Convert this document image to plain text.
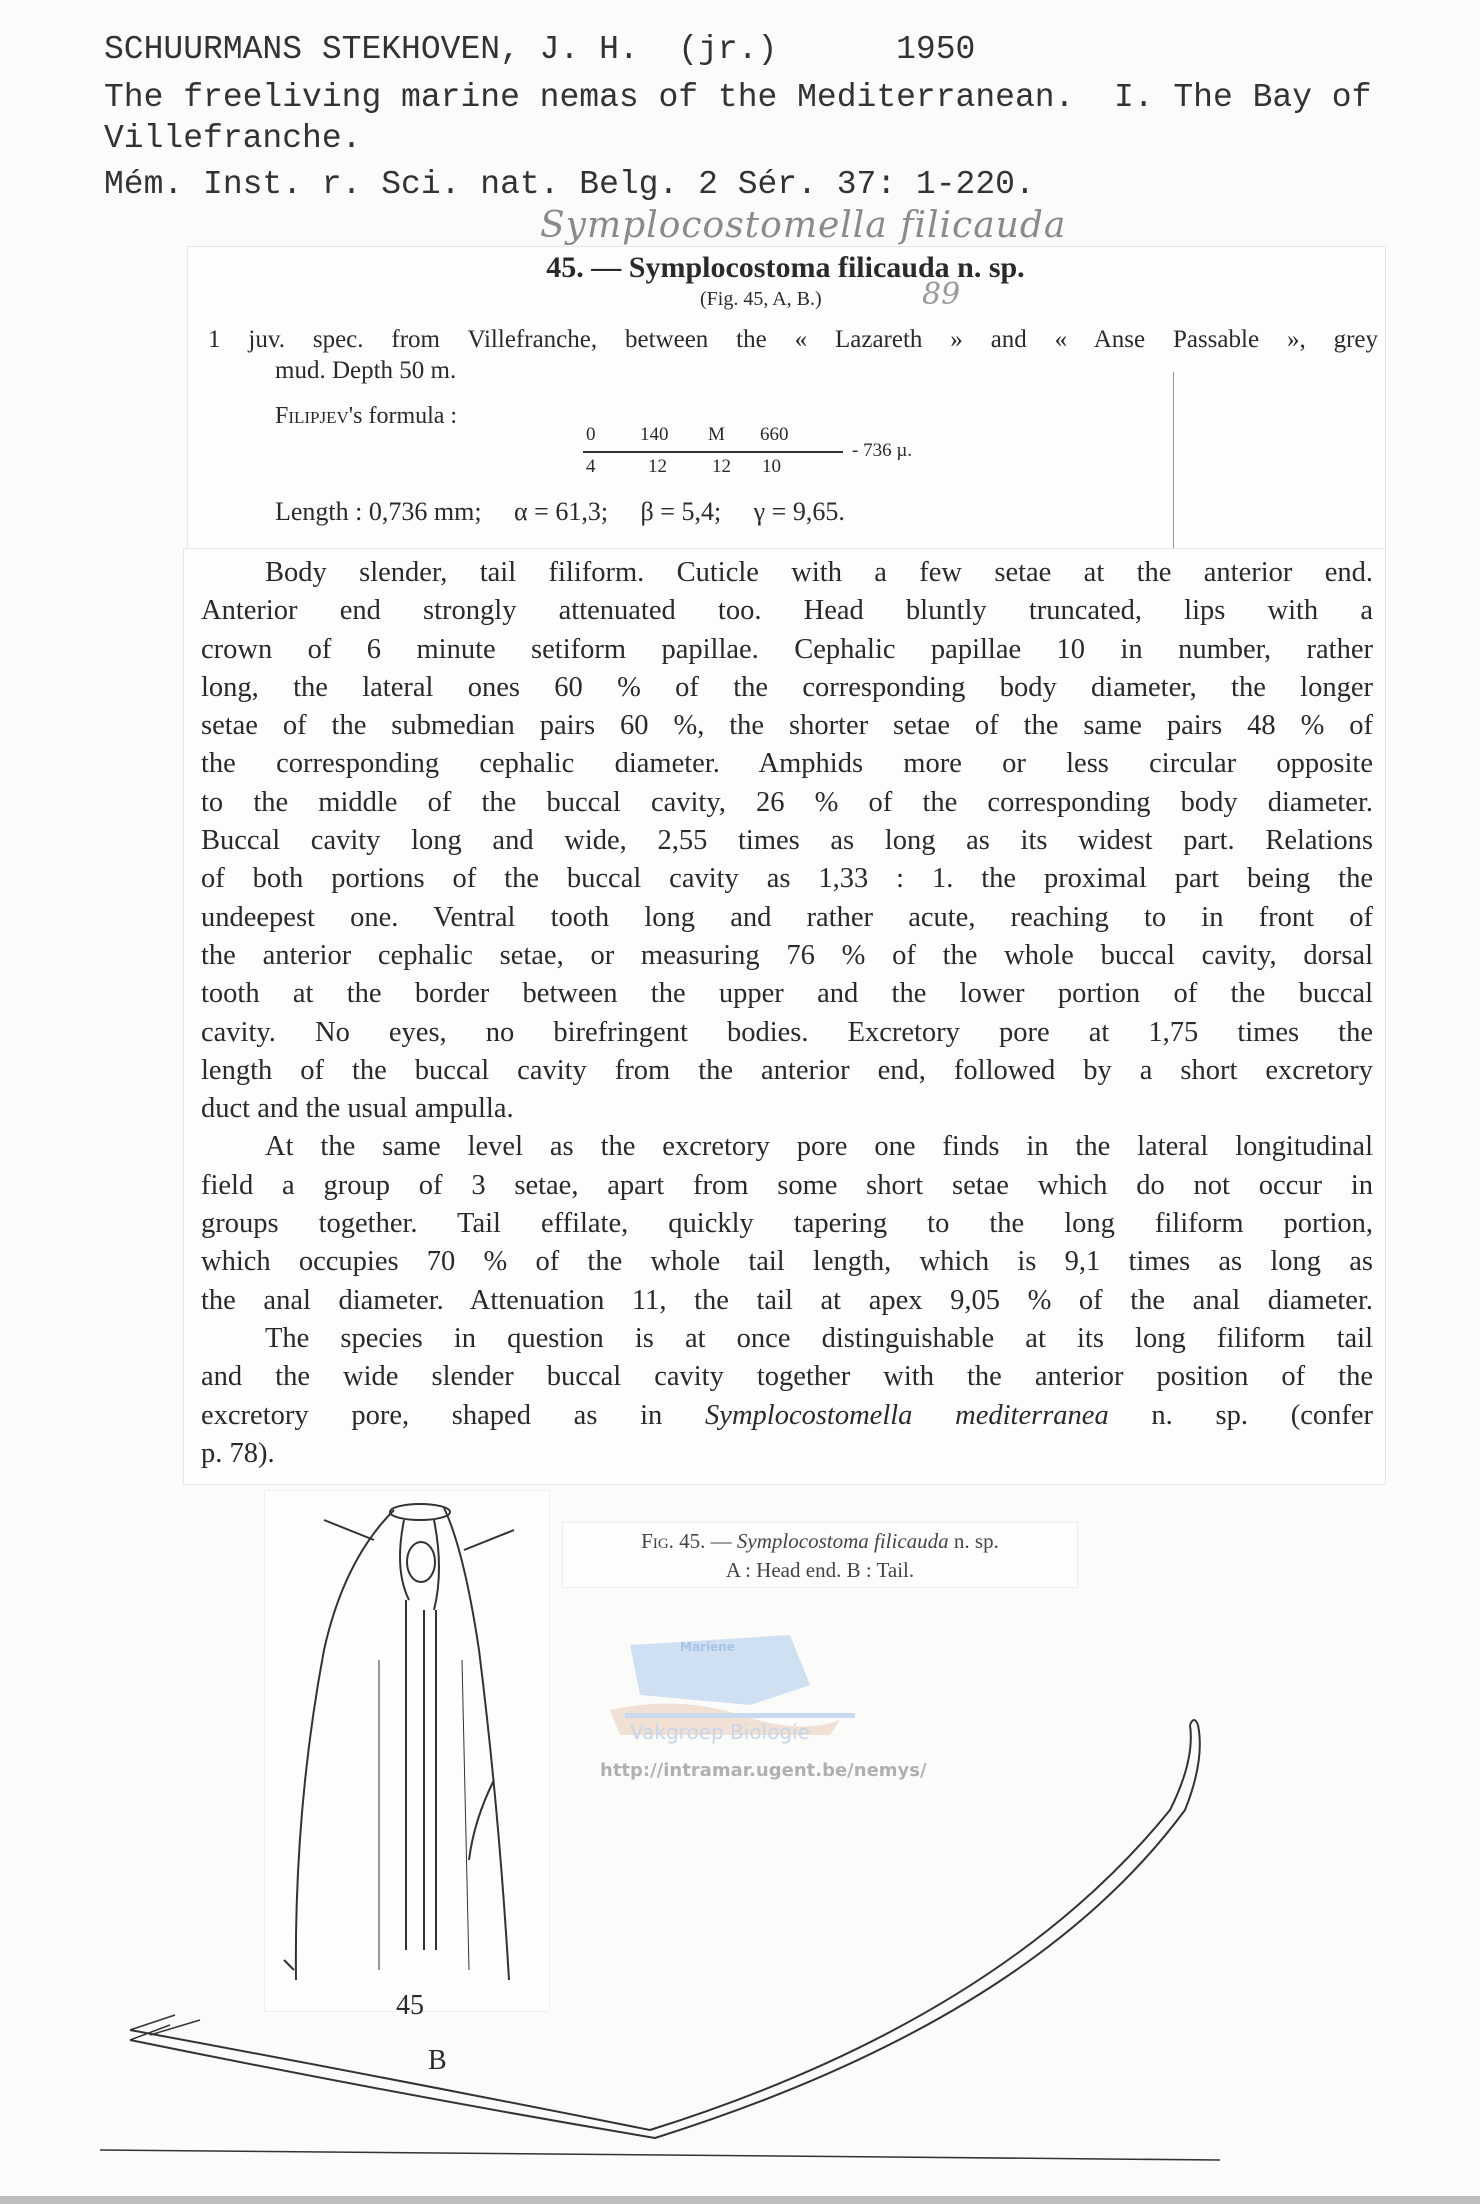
SCHUURMANS STEKHOVEN, J. H.  (jr.)      1950
The freeliving marine nemas of the Mediterranean.  I. The Bay of
Villefranche.
Mém. Inst. r. Sci. nat. Belg. 2 Sér. 37: 1-220.
Symplocostomella filicauda
45. — Symplocostoma filicauda n. sp.
(Fig. 45, A, B.)	89
1 juv. spec. from Villefranche, between the « Lazareth » and « Anse Passable », grey
mud. Depth 50 m.
Filipjev's formula :
0 140 M 660
4	12 12 10
- 736 µ.
Length : 0,736 mm;     α = 61,3;     β = 5,4;     γ = 9,65.
Body slender, tail filiform. Cuticle with a few setae at the anterior end.
Anterior end strongly attenuated too. Head bluntly truncated, lips with a
crown of 6 minute setiform papillae. Cephalic papillae 10 in number, rather
long, the lateral ones 60 % of the corresponding body diameter, the longer
setae of the submedian pairs 60 %, the shorter setae of the same pairs 48 % of
the corresponding cephalic diameter. Amphids more or less circular opposite
to the middle of the buccal cavity, 26 % of the corresponding body diameter.
Buccal cavity long and wide, 2,55 times as long as its widest part. Relations
of both portions of the buccal cavity as 1,33 : 1. the proximal part being the
undeepest one. Ventral tooth long and rather acute, reaching to in front of
the anterior cephalic setae, or measuring 76 % of the whole buccal cavity, dorsal
tooth at the border between the upper and the lower portion of the buccal
cavity. No eyes, no birefringent bodies. Excretory pore at 1,75 times the
length of the buccal cavity from the anterior end, followed by a short excretory
duct and the usual ampulla.
At the same level as the excretory pore one finds in the lateral longitudinal
field a group of 3 setae, apart from some short setae which do not occur in
groups together. Tail effilate, quickly tapering to the long filiform portion,
which occupies 70 % of the whole tail length, which is 9,1 times as long as
the anal diameter. Attenuation 11, the tail at apex 9,05 % of the anal diameter.
The species in question is at once distinguishable at its long filiform tail
and the wide slender buccal cavity together with the anterior position of the
excretory pore, shaped as in Symplocostomella mediterranea n. sp. (confer
p. 78).
Fig. 45. — Symplocostoma filicauda n. sp.
A : Head end. B : Tail.
Mariene
Vakgroep Biologie
http://intramar.ugent.be/nemys/
45
B
